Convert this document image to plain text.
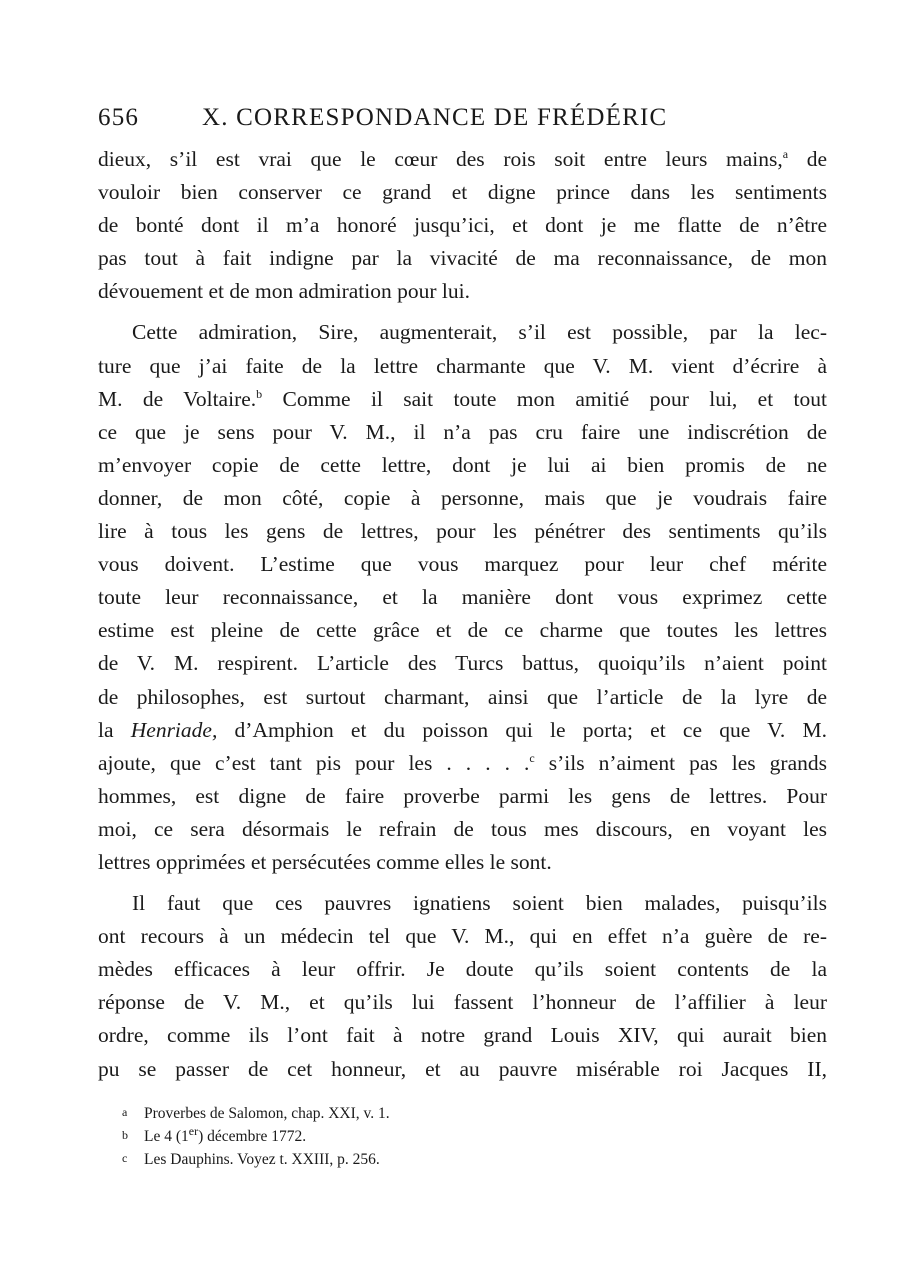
656	X. CORRESPONDANCE DE FRÉDÉRIC
dieux, s’il est vrai que le cœur des rois soit entre leurs mains,$^a$ de
vouloir bien conserver ce grand et digne prince dans les sentiments
de bonté dont il m’a honoré jusqu’ici, et dont je me flatte de n’être
pas tout à fait indigne par la vivacité de ma reconnaissance, de mon
dévouement et de mon admiration pour lui.
Cette admiration, Sire, augmenterait, s’il est possible, par la lec-
ture que j’ai faite de la lettre charmante que V. M. vient d’écrire à
M. de Voltaire.$^b$ Comme il sait toute mon amitié pour lui, et tout
ce que je sens pour V. M., il n’a pas cru faire une indiscrétion de
m’envoyer copie de cette lettre, dont je lui ai bien promis de ne
donner, de mon côté, copie à personne, mais que je voudrais faire
lire à tous les gens de lettres, pour les pénétrer des sentiments qu’ils
vous doivent. L’estime que vous marquez pour leur chef mérite
toute leur reconnaissance, et la manière dont vous exprimez cette
estime est pleine de cette grâce et de ce charme que toutes les lettres
de V. M. respirent. L’article des Turcs battus, quoiqu’ils n’aient point
de philosophes, est surtout charmant, ainsi que l’article de la lyre de
la Henriade, d’Amphion et du poisson qui le porta; et ce que V. M.
ajoute, que c’est tant pis pour les . . . . .$^c$ s’ils n’aiment pas les grands
hommes, est digne de faire proverbe parmi les gens de lettres. Pour
moi, ce sera désormais le refrain de tous mes discours, en voyant les
lettres opprimées et persécutées comme elles le sont.
Il faut que ces pauvres ignatiens soient bien malades, puisqu’ils
ont recours à un médecin tel que V. M., qui en effet n’a guère de re-
mèdes efficaces à leur offrir. Je doute qu’ils soient contents de la
réponse de V. M., et qu’ils lui fassent l’honneur de l’affilier à leur
ordre, comme ils l’ont fait à notre grand Louis XIV, qui aurait bien
pu se passer de cet honneur, et au pauvre misérable roi Jacques II,
a Proverbes de Salomon, chap. XXI, v. 1.
b Le 4 (1er) décembre 1772.
c Les Dauphins. Voyez t. XXIII, p. 256.
